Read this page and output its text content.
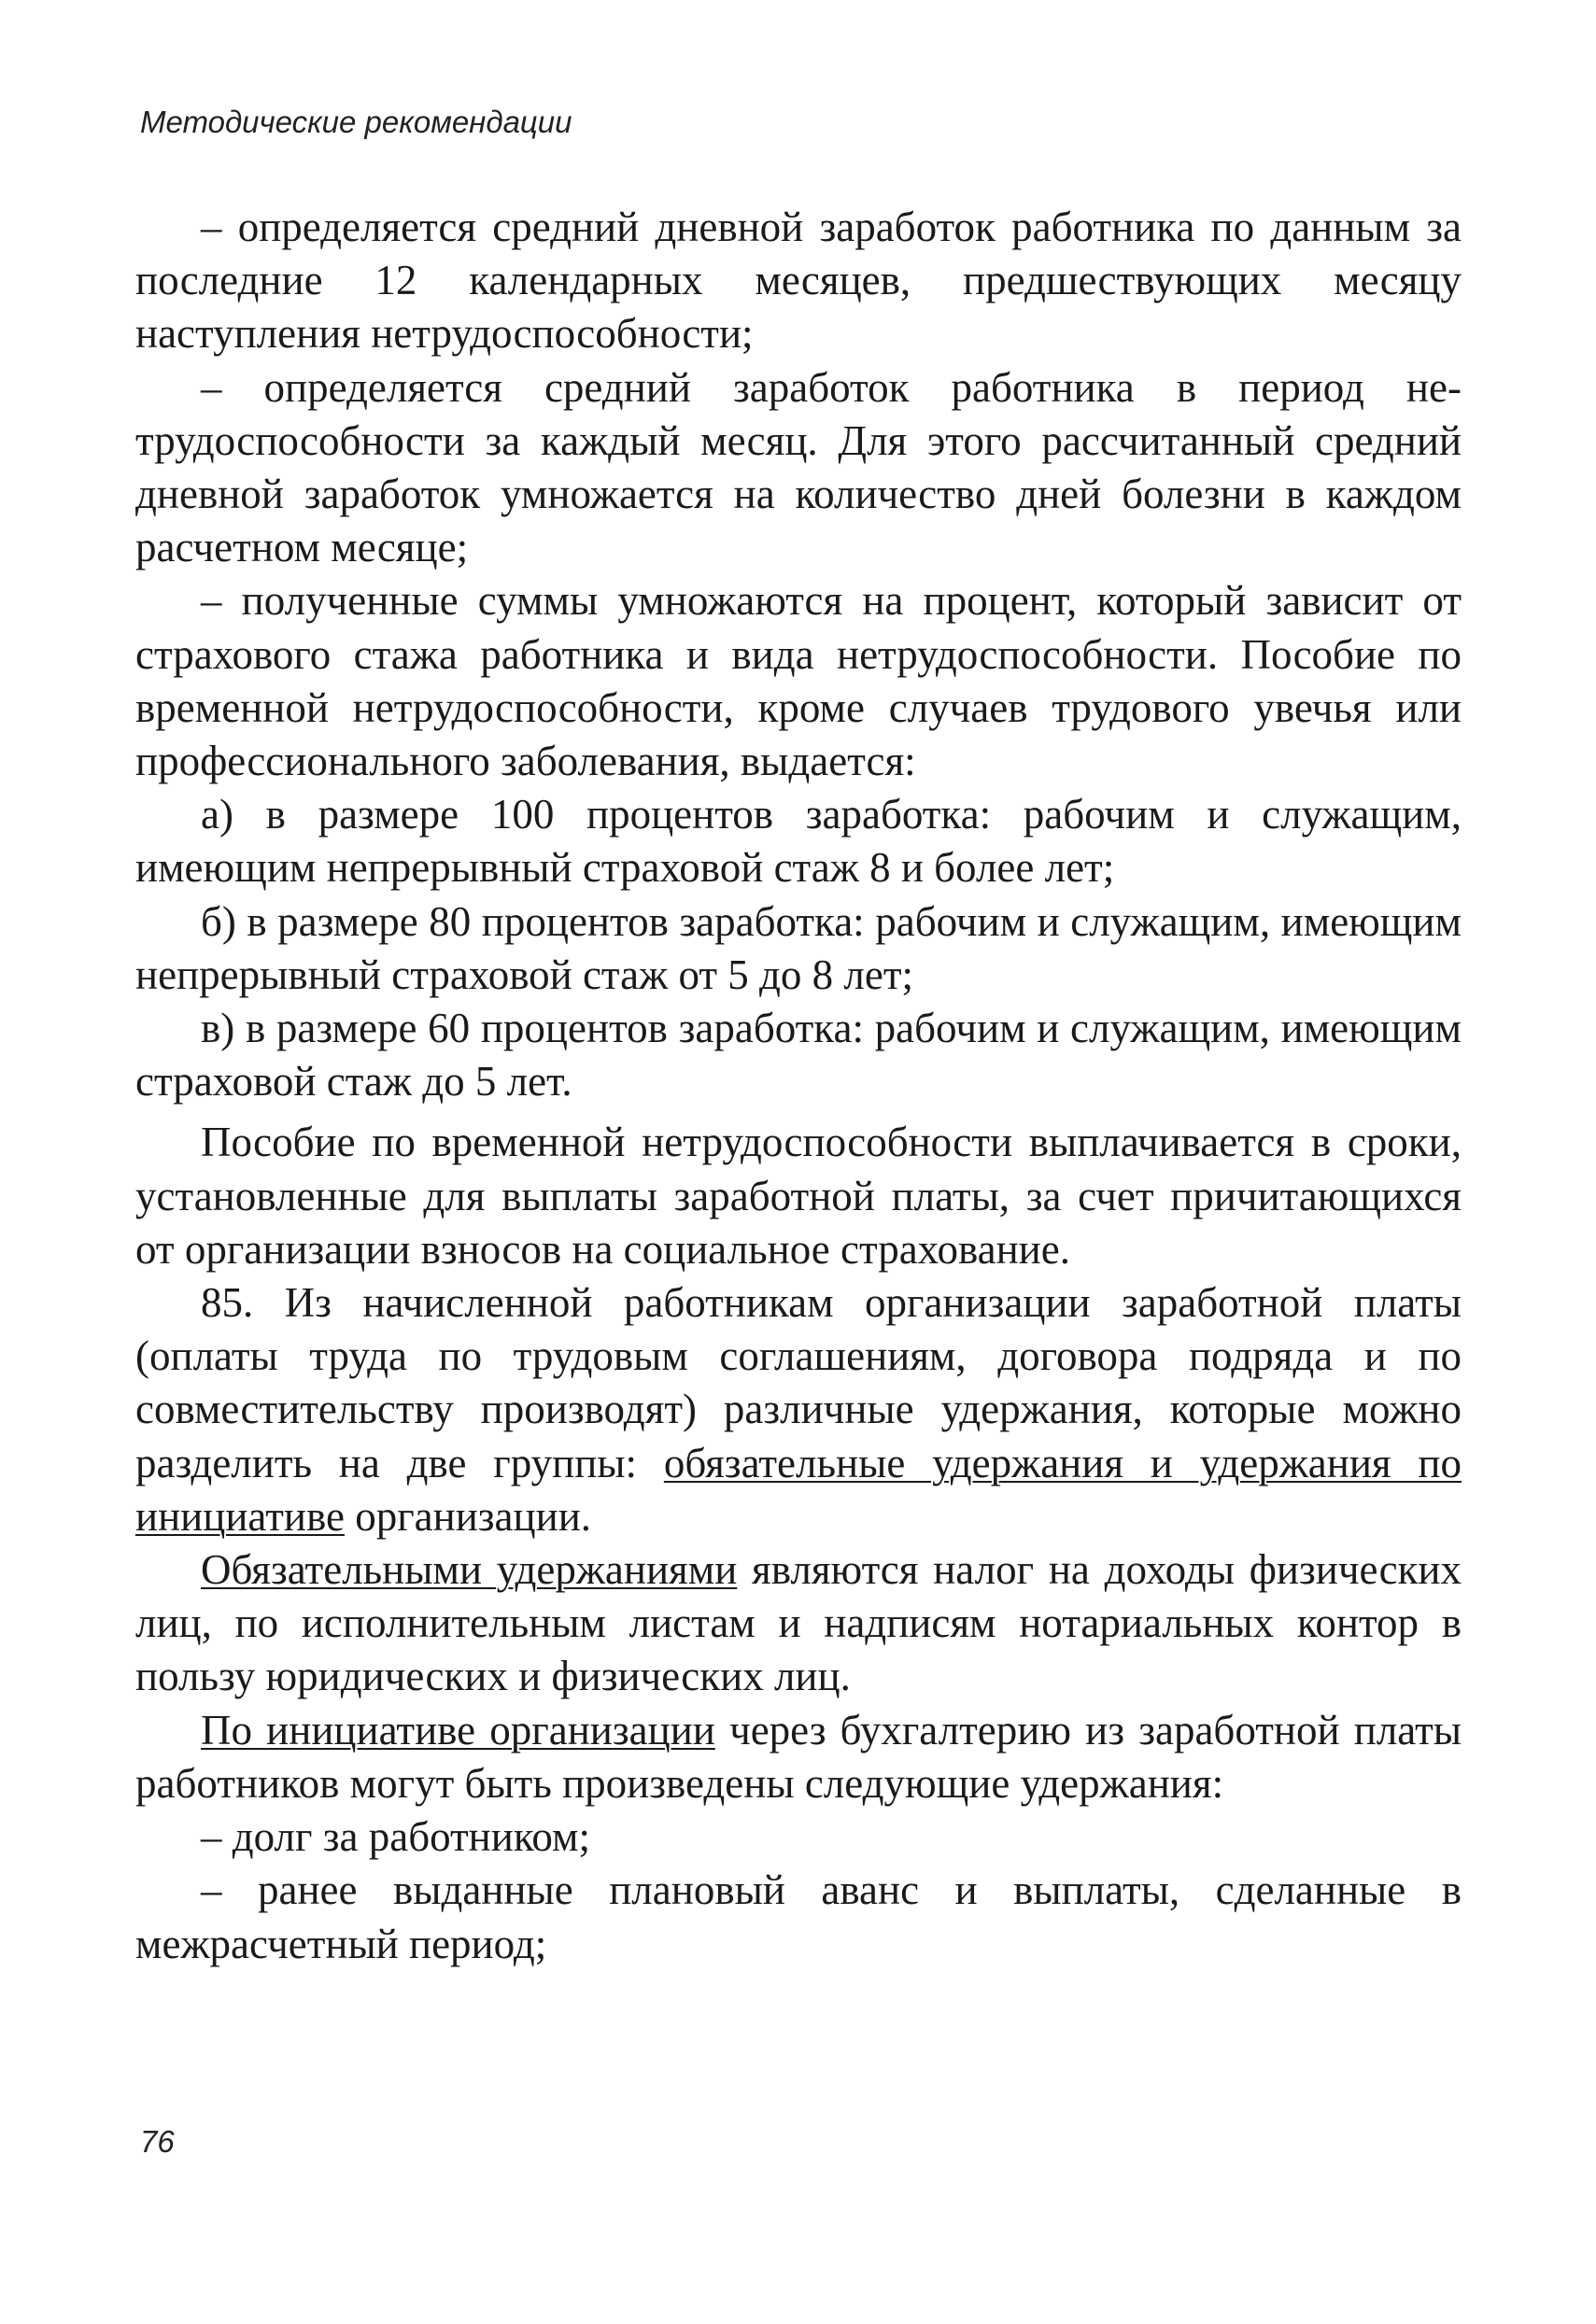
Методические рекомендации

– определяется средний дневной заработок работника по данным за последние 12 календарных месяцев, предшествующих месяцу наступления нетрудоспособности;

– определяется средний заработок работника в период нетрудоспособности за каждый месяц. Для этого рассчитанный средний дневной заработок умножается на количество дней болезни в каждом расчетном месяце;

– полученные суммы умножаются на процент, который зависит от страхового стажа работника и вида нетрудоспособности. Пособие по временной нетрудоспособности, кроме случаев трудового увечья или профессионального заболевания, выдается:

а) в размере 100 процентов заработка: рабочим и служащим, имеющим непрерывный страховой стаж 8 и более лет;

б) в размере 80 процентов заработка: рабочим и служащим, имеющим непрерывный страховой стаж от 5 до 8 лет;

в) в размере 60 процентов заработка: рабочим и служащим, имеющим страховой стаж до 5 лет.

Пособие по временной нетрудоспособности выплачивается в сроки, установленные для выплаты заработной платы, за счет причитающихся от организации взносов на социальное страхование.

85. Из начисленной работникам организации заработной платы (оплаты труда по трудовым соглашениям, договора подряда и по совместительству производят) различные удержания, которые можно разделить на две группы: обязательные удержания и удержания по инициативе организации.

Обязательными удержаниями являются налог на доходы физических лиц, по исполнительным листам и надписям нотариальных контор в пользу юридических и физических лиц.

По инициативе организации через бухгалтерию из заработной платы работников могут быть произведены следующие удержания:

– долг за работником;

– ранее выданные плановый аванс и выплаты, сделанные в межрасчетный период;

76
